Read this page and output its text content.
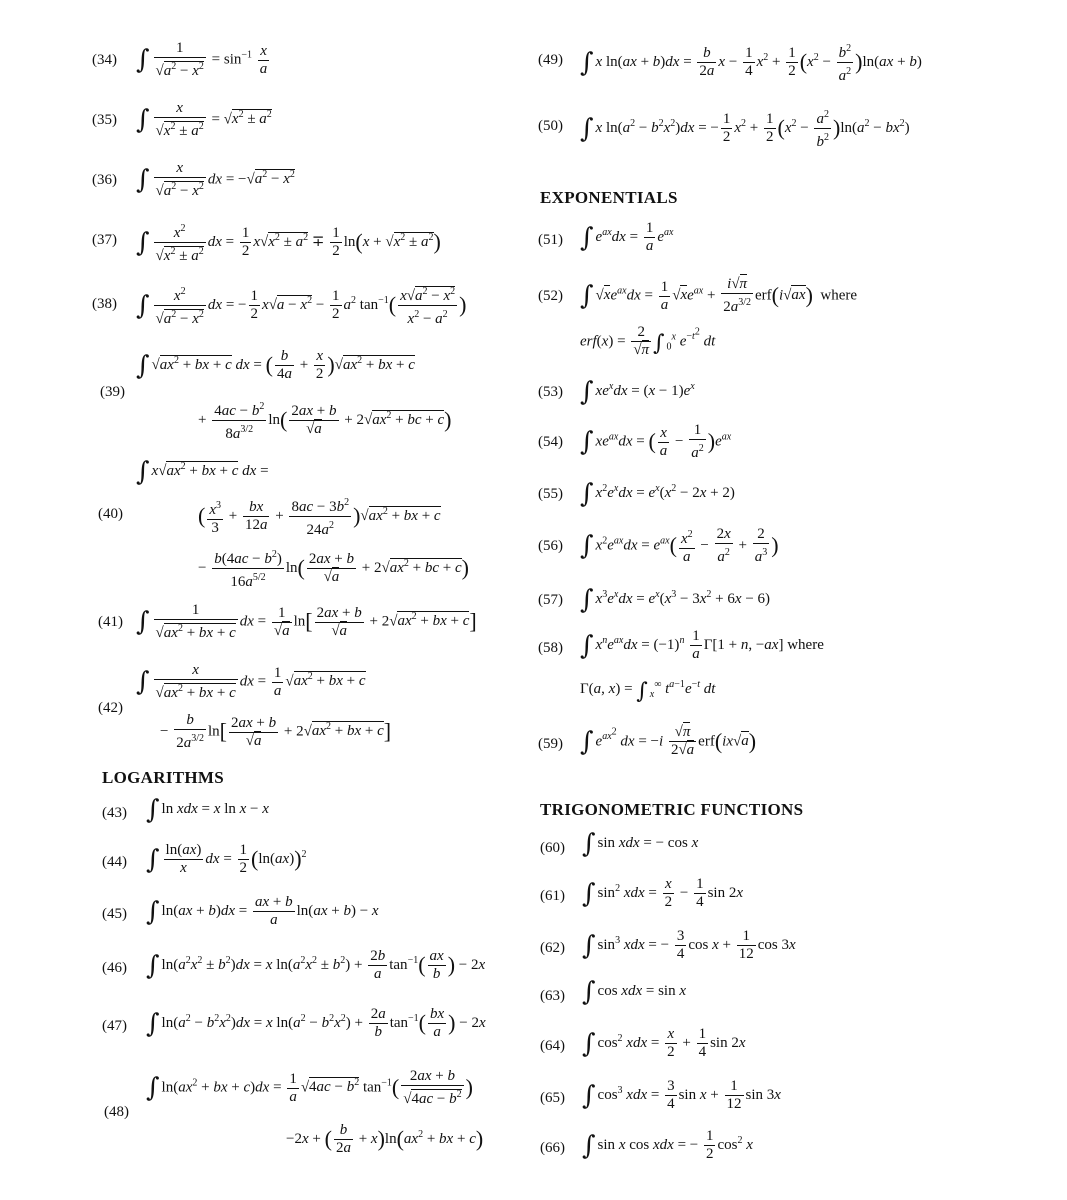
(34) ∫ $\frac{1}{√a^2 - x^2} = \sin^{-1} \frac{x}{a}$
(35) ∫ $\frac{x}{√x^2 \pm a^2} = √x^2 \pm a^2$
(36) ∫ $\frac{x}{√a^2 - x^2}$ dx = $-√a^2 - x^2$
(37) ∫ $\frac{x^2}{√x^2 \pm a^2}$ dx = $\frac{1}{2} x√x^2 \pm a^2 \mp \frac{1}{2} \ln(x + √x^2 \pm a^2)$
(38) ∫ $\frac{x^2}{√a^2 - x^2}$ dx = − $\frac{1}{2} x√a - x^2 - \frac{1}{2} a^2$ $\tan^{-1}( \frac{x√a^2 - x^2}{x^2 - a^2}$ )
(39)
∫ $√ax^2$ + bx + c dx = ( $\frac{b}{4a} + \frac{x}{2} )√ax^2$ + bx + c
+ $\frac{4ac - b^2}{8a^{3/2}} \ln( \frac{2ax + b}{√a} + 2√ax^2$ + bc + c)
(40)
∫ $x√ax^2$ + bx + c dx =
( $\frac{x^3}{3} + \frac{bx}{12a} + \frac{8ac - 3b^2}{24a^2} )√ax^2$ + bx + c
− $\frac{b(4ac - b^2)}{16a^{5/2}} \ln( \frac{2ax + b}{√a} + 2√ax^2$ + bc + c)
(41) ∫ $\frac{1}{√ax^2 + bx + c}$ dx = $\frac{1}{√a} \ln[ \frac{2ax + b}{√a} + 2√ax^2$ + bx + c]
(42)
∫ $\frac{x}{√ax^2 + bx + c}$ dx = $\frac{1}{a} √ax^2$ + bx + c
− $\frac{b}{2a^{3/2}} \ln[ \frac{2ax + b}{√a} + 2√ax^2$ + bx + c]
LOGARITHMS
(43) ∫ ln xdx = x ln x − x
(44) ∫ $\frac{\ln(ax)}{x}$ dx = $\frac{1}{2} (\ln(ax))^2$
(45) ∫ $\ln(ax + b)dx = \frac{ax + b}{a} \ln(ax + b) - x$
(46) ∫ $\ln(a^2x^2 \pm b^2)dx = x$ $\ln(a^2x^2 \pm b^2) + \frac{2b}{a} \tan^{-1}( \frac{ax}{b}$ ) − 2x
(47) ∫ $\ln(a^2 - b^2x^2)dx = x$ $\ln(a^2 - b^2x^2) + \frac{2a}{b} \tan^{-1}( \frac{bx}{a}$ ) − 2x
(48)
∫ $\ln(ax^2$ + bx + $c)dx = \frac{1}{a} √4ac - b^2$ $\tan^{-1}( \frac{2ax + b}{√4ac - b^2}$ )
−2x + ( $\frac{b}{2a} + x)\ln(ax^2$ + bx + c)
(49) ∫ x $\ln(ax + b)dx = \frac{b}{2a}$ $x - \frac{1}{4} x^2 + \frac{1}{2} (x^2 - \frac{b^2}{a^2} )\ln(ax + b)$
(50) ∫ x $\ln(a^2 - b^2x^2)dx$ = − $\frac{1}{2} x^2 + \frac{1}{2} (x^2 - \frac{a^2}{b^2} )\ln(a^2 - bx^2)$
EXPONENTIALS
(51) ∫ $e^{ax}dx = \frac{1}{a} e^{ax}$
(52) ∫ $√xe^{ax}dx = \frac{1}{a} √xe^{ax} + \frac{i√\pi}{2a^{3/2}} erf(i√ax)$ where
$erf(x) = \frac{2}{√\pi}$ ∫ $_0^x$ $e^{-t^2}$ dt
(53) ∫ $xe^xdx = (x - 1)e^x$
(54) ∫ $xe^{ax}dx$ = ( $\frac{x}{a} - \frac{1}{a^2} )e^{ax}$
(55) ∫ $x^2e^xdx = e^x(x^2 - 2x + 2)$
(56) ∫ $x^2e^{ax}dx = e^{ax}( \frac{x^2}{a} - \frac{2x}{a^2} + \frac{2}{a^3}$ )
(57) ∫ $x^3e^xdx = e^x(x^3 - 3x^2 + 6x - 6)$
(58) ∫ $x^ne^{ax}dx = (-1)^n \frac{1}{a} \Gamma[1 + n$, −ax] where
Γ(a, x) = ∫ $_x$∞ $t^{a-1}e^{-t}$ dt
(59) ∫ $e^{ax^2}$ dx = $-i \frac{√\pi}{2√a} erf(ix√a)$
TRIGONOMETRIC FUNCTIONS
(60) ∫ sin xdx = − cos x
(61) ∫ $\sin^2$ xdx = $\frac{x}{2} - \frac{1}{4}$ sin 2x
(62) ∫ $\sin^3$ xdx = − $\frac{3}{4}$ $\cos x + \frac{1}{12}$ cos 3x
(63) ∫ cos xdx = sin x
(64) ∫ $\cos^2$ xdx = $\frac{x}{2} + \frac{1}{4}$ sin 2x
(65) ∫ $\cos^3$ xdx = $\frac{3}{4}$ $\sin x + \frac{1}{12}$ sin 3x
(66) ∫ sin x cos xdx = − $\frac{1}{2} \cos^2 x$
